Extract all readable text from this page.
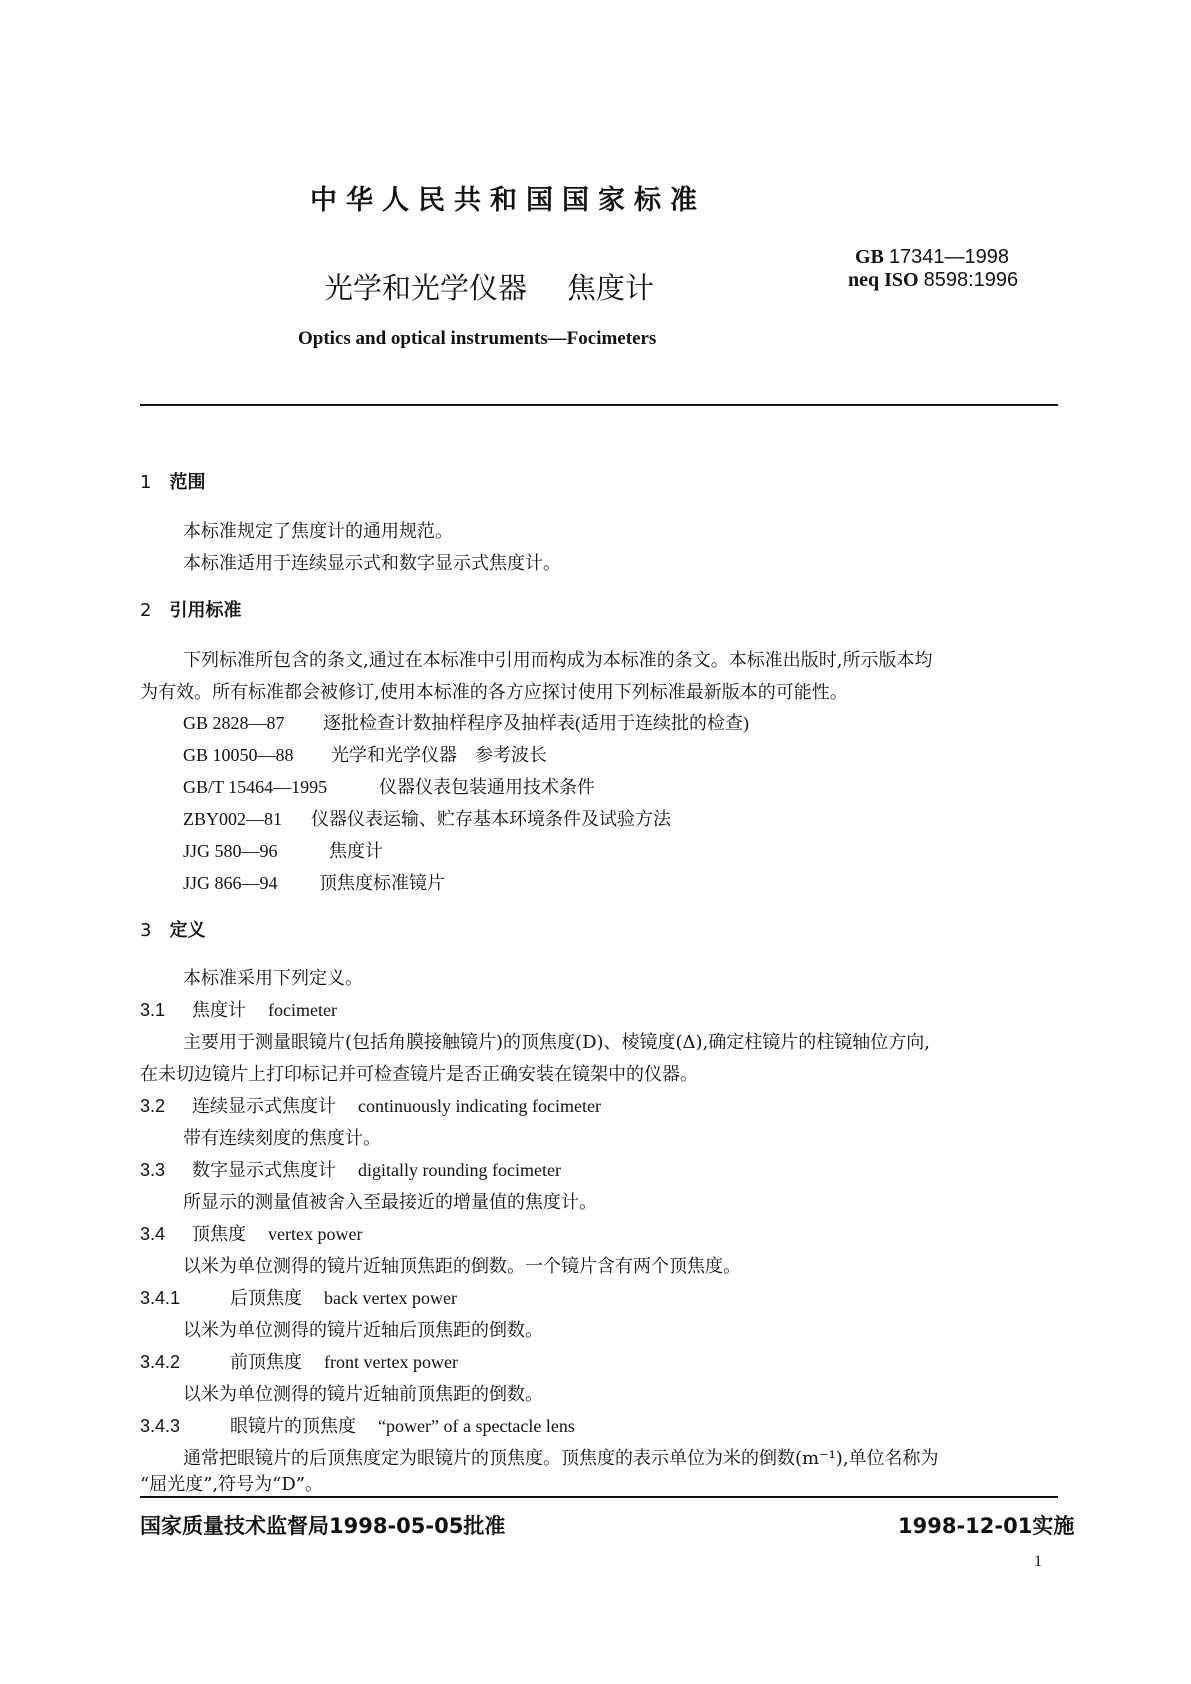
中华人民共和国国家标准
GB 17341—1998
neq ISO 8598:1996
光学和光学仪器 焦度计
Optics and optical instruments—Focimeters
1 范围
本标准规定了焦度计的通用规范。
本标准适用于连续显示式和数字显示式焦度计。
2 引用标准
下列标准所包含的条文,通过在本标准中引用而构成为本标准的条文。本标准出版时,所示版本均
为有效。所有标准都会被修订,使用本标准的各方应探讨使用下列标准最新版本的可能性。
GB 2828—87 逐批检查计数抽样程序及抽样表(适用于连续批的检查)
GB 10050—88 光学和光学仪器　参考波长
GB/T 15464—1995	仪器仪表包装通用技术条件
ZBY002—81 仪器仪表运输、贮存基本环境条件及试验方法
JJG 580—96	焦度计
JJG 866—94 顶焦度标准镜片
3 定义
本标准采用下列定义。
3.1 焦度计 focimeter
主要用于测量眼镜片(包括角膜接触镜片)的顶焦度(D)、棱镜度(Δ),确定柱镜片的柱镜轴位方向,
在未切边镜片上打印标记并可检查镜片是否正确安装在镜架中的仪器。
3.2 连续显示式焦度计 continuously indicating focimeter
带有连续刻度的焦度计。
3.3 数字显示式焦度计 digitally rounding focimeter
所显示的测量值被舍入至最接近的增量值的焦度计。
3.4 顶焦度 vertex power
以米为单位测得的镜片近轴顶焦距的倒数。一个镜片含有两个顶焦度。
3.4.1	后顶焦度 back vertex power
以米为单位测得的镜片近轴后顶焦距的倒数。
3.4.2	前顶焦度 front vertex power
以米为单位测得的镜片近轴前顶焦距的倒数。
3.4.3	眼镜片的顶焦度 “power” of a spectacle lens
通常把眼镜片的后顶焦度定为眼镜片的顶焦度。顶焦度的表示单位为米的倒数(m⁻¹),单位名称为
“屈光度”,符号为“D”。
国家质量技术监督局1998-05-05批准	1998-12-01实施
1
